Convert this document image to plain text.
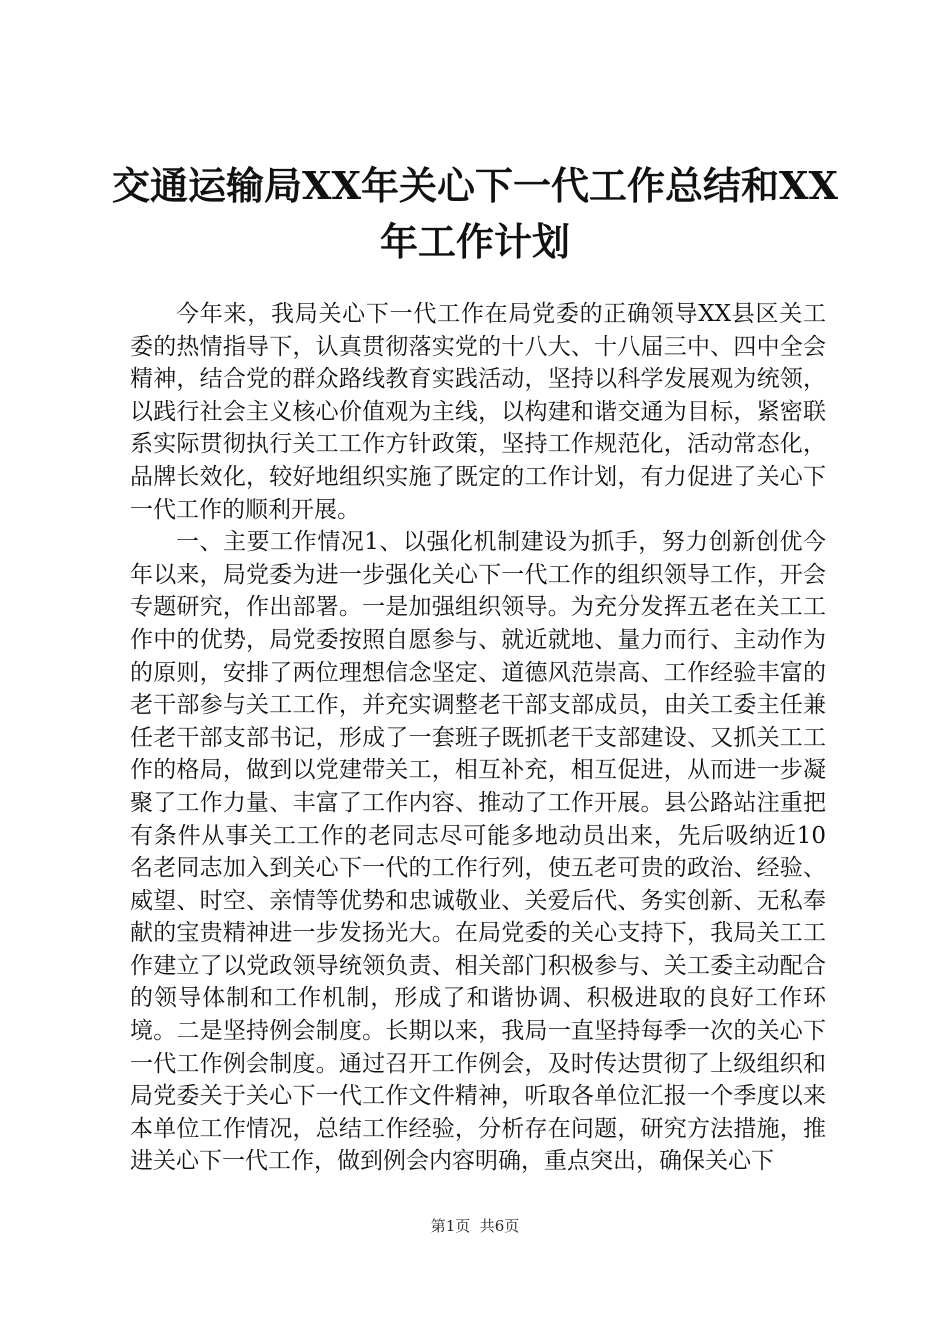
交通运输局XX年关心下一代工作总结和XX年工作计划

今年来，我局关心下一代工作在局党委的正确领导XX县区关工委的热情指导下，认真贯彻落实党的十八大、十八届三中、四中全会精神，结合党的群众路线教育实践活动，坚持以科学发展观为统领，以践行社会主义核心价值观为主线，以构建和谐交通为目标，紧密联系实际贯彻执行关工工作方针政策，坚持工作规范化，活动常态化，品牌长效化，较好地组织实施了既定的工作计划，有力促进了关心下一代工作的顺利开展。

一、主要工作情况1、以强化机制建设为抓手，努力创新创优今年以来，局党委为进一步强化关心下一代工作的组织领导工作，开会专题研究，作出部署。一是加强组织领导。为充分发挥五老在关工工作中的优势，局党委按照自愿参与、就近就地、量力而行、主动作为的原则，安排了两位理想信念坚定、道德风范崇高、工作经验丰富的老干部参与关工工作，并充实调整老干部支部成员，由关工委主任兼任老干部支部书记，形成了一套班子既抓老干支部建设、又抓关工工作的格局，做到以党建带关工，相互补充，相互促进，从而进一步凝聚了工作力量、丰富了工作内容、推动了工作开展。县公路站注重把有条件从事关工工作的老同志尽可能多地动员出来，先后吸纳近10名老同志加入到关心下一代的工作行列，使五老可贵的政治、经验、威望、时空、亲情等优势和忠诚敬业、关爱后代、务实创新、无私奉献的宝贵精神进一步发扬光大。在局党委的关心支持下，我局关工工作建立了以党政领导统领负责、相关部门积极参与、关工委主动配合的领导体制和工作机制，形成了和谐协调、积极进取的良好工作环境。二是坚持例会制度。长期以来，我局一直坚持每季一次的关心下一代工作例会制度。通过召开工作例会，及时传达贯彻了上级组织和局党委关于关心下一代工作文件精神，听取各单位汇报一个季度以来本单位工作情况，总结工作经验，分析存在问题，研究方法措施，推进关心下一代工作，做到例会内容明确，重点突出，确保关心下

第1页  共6页
